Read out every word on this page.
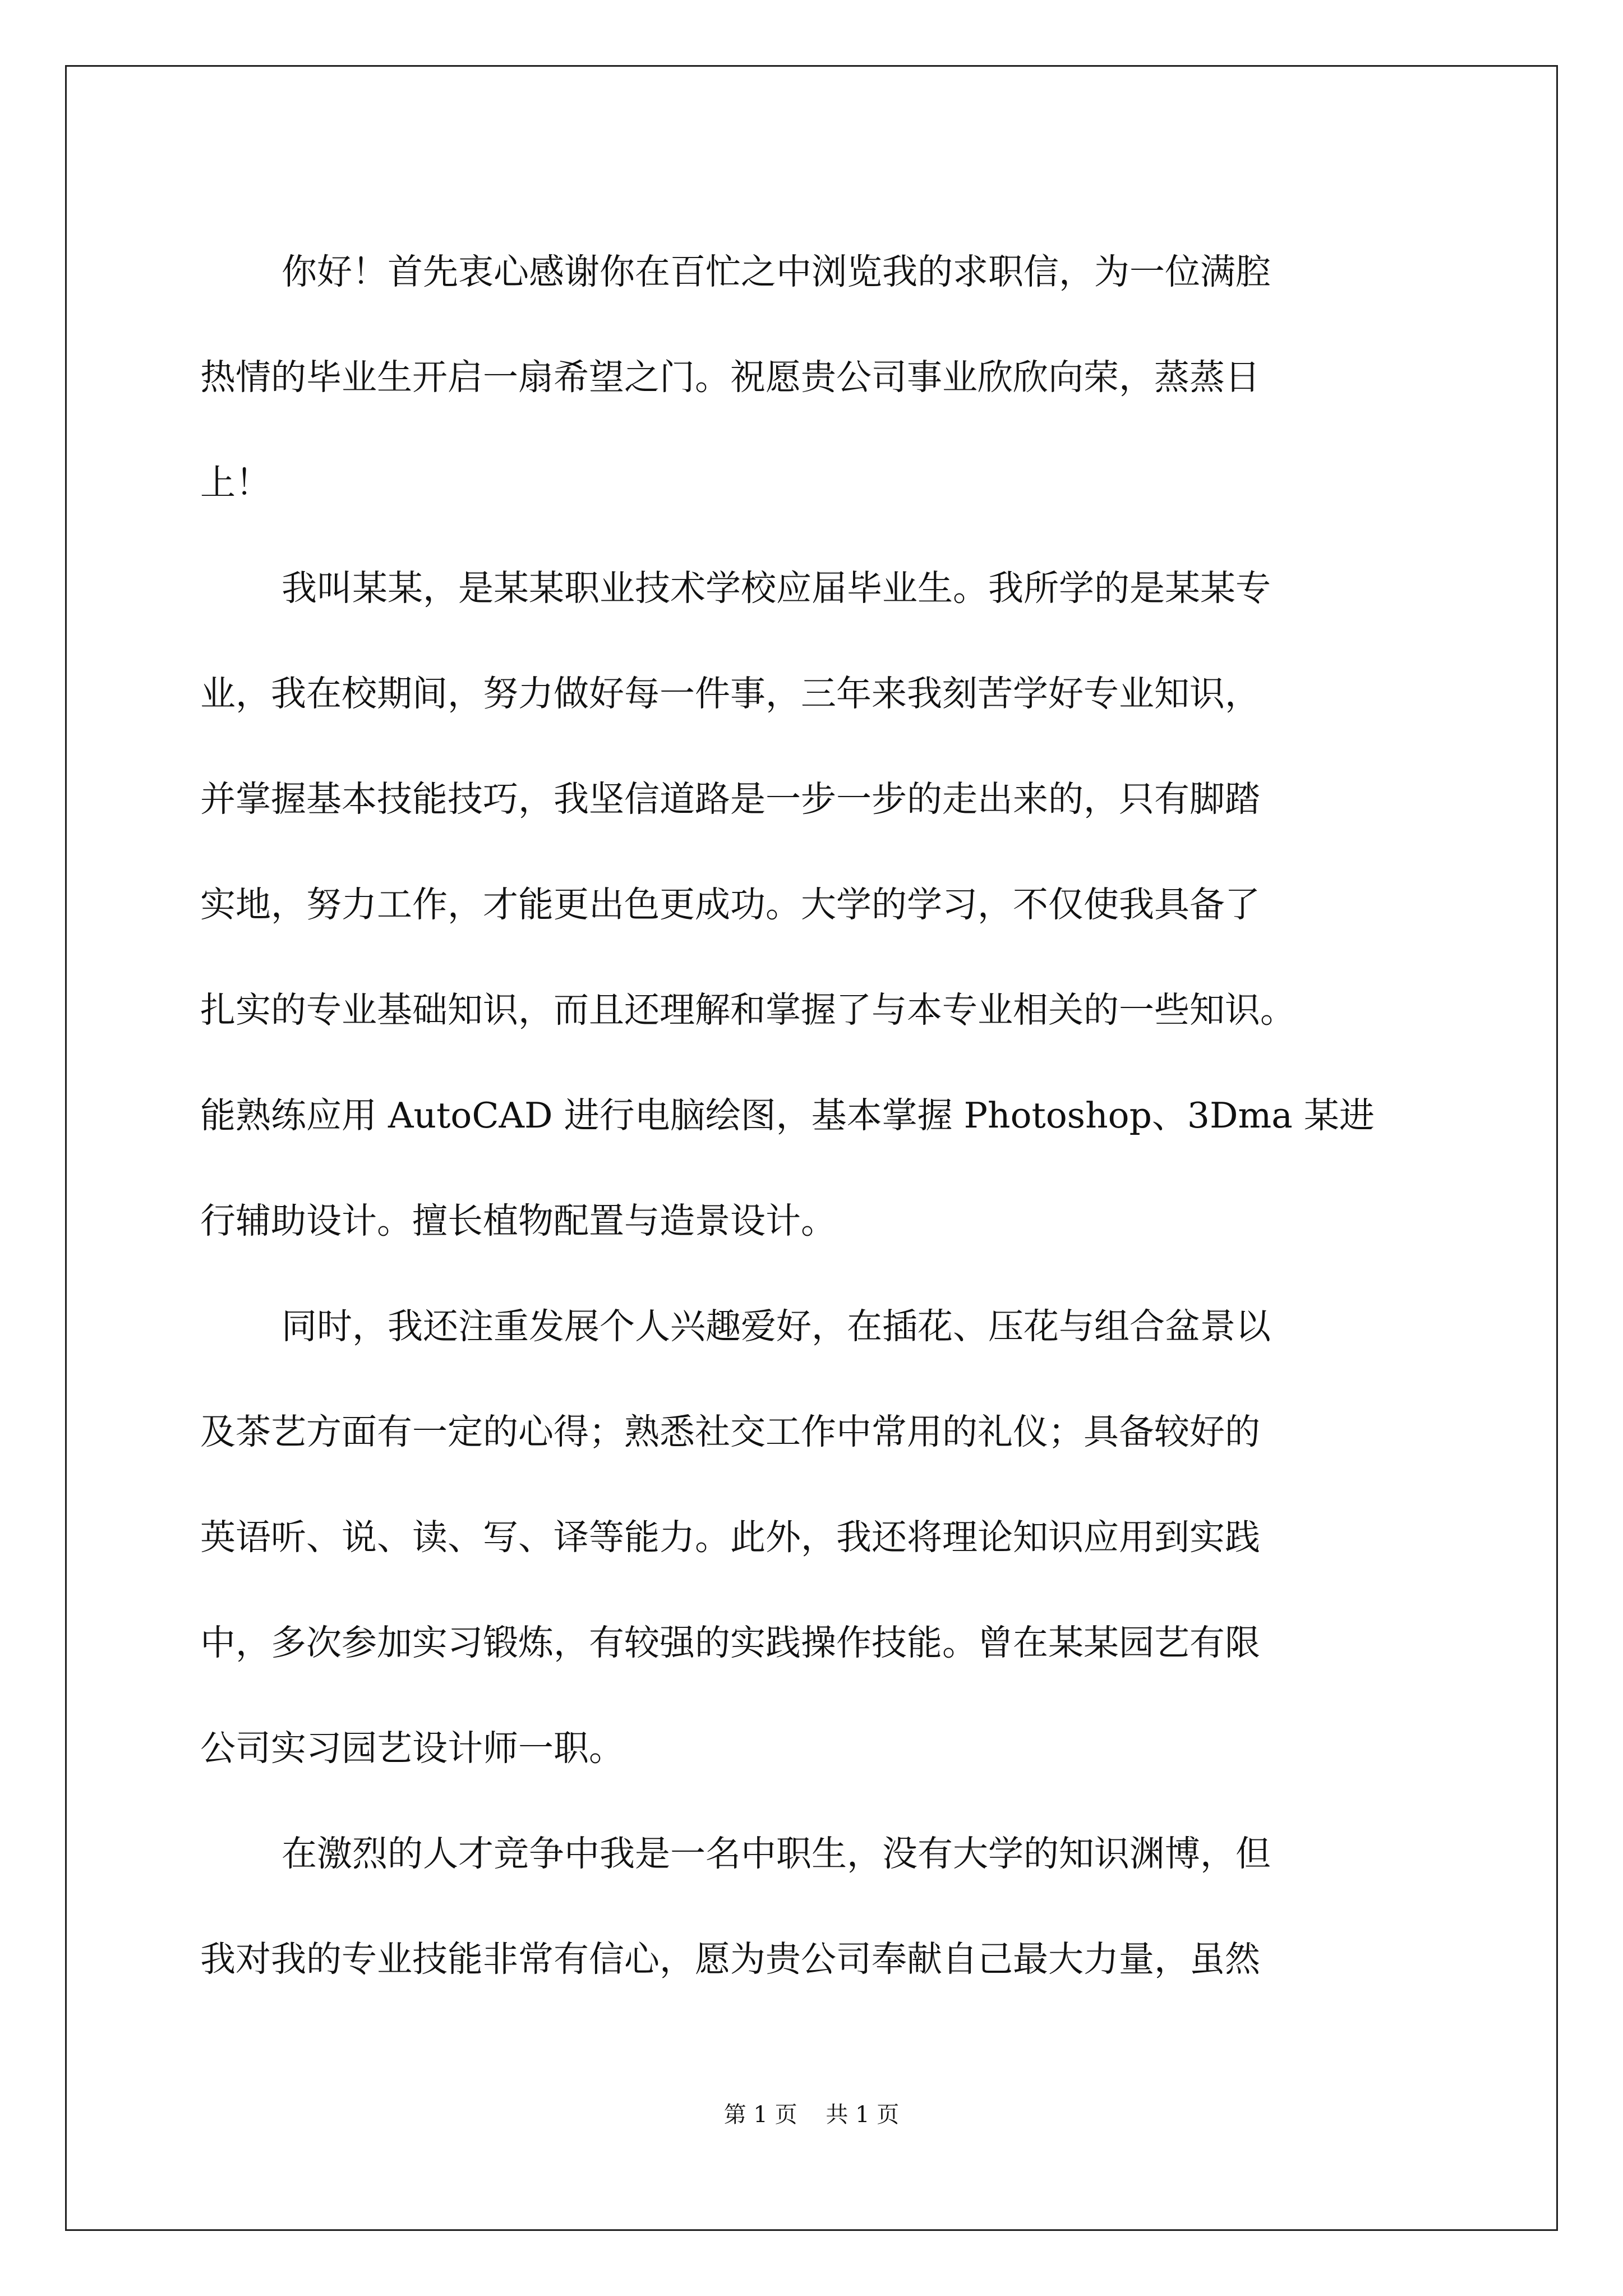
你好！首先衷心感谢你在百忙之中浏览我的求职信，为一位满腔
热情的毕业生开启一扇希望之门。祝愿贵公司事业欣欣向荣，蒸蒸日
上！
我叫某某，是某某职业技术学校应届毕业生。我所学的是某某专
业，我在校期间，努力做好每一件事，三年来我刻苦学好专业知识，
并掌握基本技能技巧，我坚信道路是一步一步的走出来的，只有脚踏
实地，努力工作，才能更出色更成功。大学的学习，不仅使我具备了
扎实的专业基础知识，而且还理解和掌握了与本专业相关的一些知识。
能熟练应用 AutoCAD 进行电脑绘图，基本掌握 Photoshop、3Dma 某进
行辅助设计。擅长植物配置与造景设计。
同时，我还注重发展个人兴趣爱好，在插花、压花与组合盆景以
及茶艺方面有一定的心得；熟悉社交工作中常用的礼仪；具备较好的
英语听、说、读、写、译等能力。此外，我还将理论知识应用到实践
中，多次参加实习锻炼，有较强的实践操作技能。曾在某某园艺有限
公司实习园艺设计师一职。
在激烈的人才竞争中我是一名中职生，没有大学的知识渊博，但
我对我的专业技能非常有信心，愿为贵公司奉献自己最大力量，虽然
第 1 页    共 1 页
